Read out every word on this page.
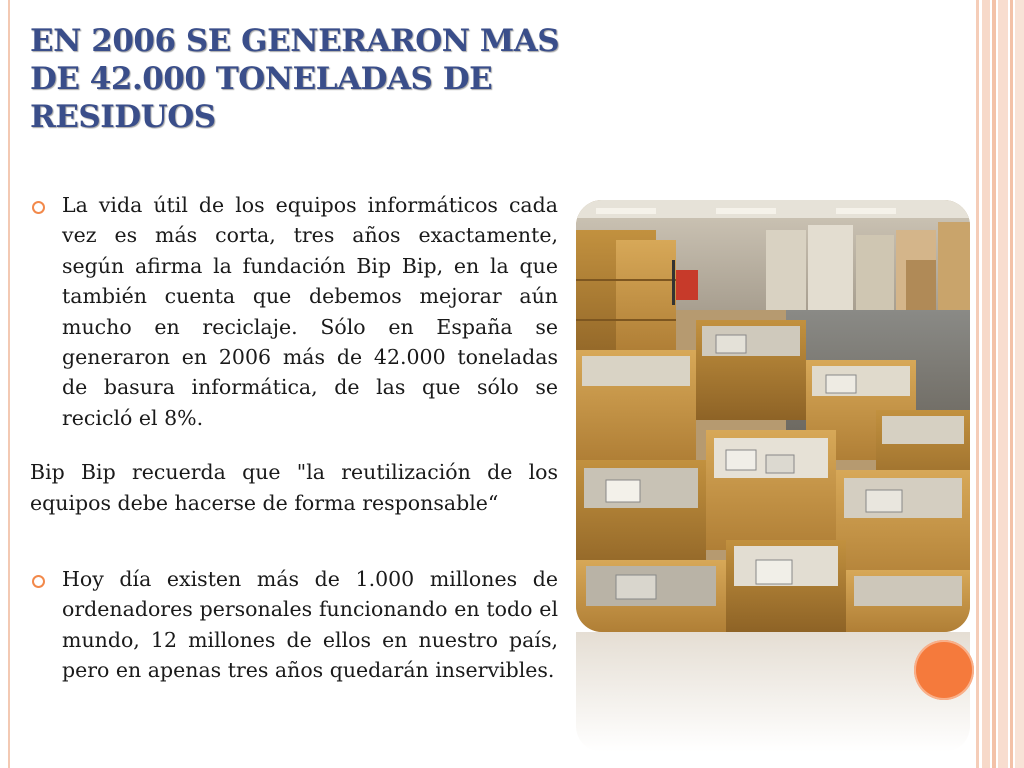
EN 2006 SE GENERARON MAS DE 42.000 TONELADAS DE RESIDUOS

La vida útil de los equipos informáticos cada vez es más corta, tres años exactamente, según afirma la fundación Bip Bip, en la que también cuenta que debemos mejorar aún mucho en reciclaje. Sólo en España se generaron en 2006 más de 42.000 toneladas de basura informática, de las que sólo se recicló el 8%.

Bip Bip recuerda que "la reutilización de los equipos debe hacerse de forma responsable“

Hoy día existen más de 1.000 millones de ordenadores personales funcionando en todo el mundo, 12 millones de ellos en nuestro país, pero en apenas tres años quedarán inservibles.
